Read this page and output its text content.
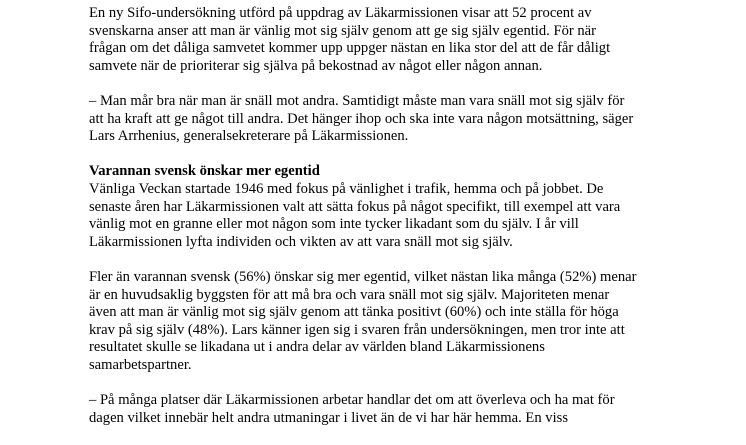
En ny Sifo-undersökning utförd på uppdrag av Läkarmissionen visar att 52 procent av
svenskarna anser att man är vänlig mot sig själv genom att ge sig själv egentid. För när
frågan om det dåliga samvetet kommer upp uppger nästan en lika stor del att de får dåligt
samvete när de prioriterar sig själva på bekostnad av något eller någon annan.
– Man mår bra när man är snäll mot andra. Samtidigt måste man vara snäll mot sig själv för
att ha kraft att ge något till andra. Det hänger ihop och ska inte vara någon motsättning, säger
Lars Arrhenius, generalsekreterare på Läkarmissionen.
Varannan svensk önskar mer egentid
Vänliga Veckan startade 1946 med fokus på vänlighet i trafik, hemma och på jobbet. De
senaste åren har Läkarmissionen valt att sätta fokus på något specifikt, till exempel att vara
vänlig mot en granne eller mot någon som inte tycker likadant som du själv. I år vill
Läkarmissionen lyfta individen och vikten av att vara snäll mot sig själv.
Fler än varannan svensk (56%) önskar sig mer egentid, vilket nästan lika många (52%) menar
är en huvudsaklig byggsten för att må bra och vara snäll mot sig själv. Majoriteten menar
även att man är vänlig mot sig själv genom att tänka positivt (60%) och inte ställa för höga
krav på sig själv (48%). Lars känner igen sig i svaren från undersökningen, men tror inte att
resultatet skulle se likadana ut i andra delar av världen bland Läkarmissionens
samarbetspartner.
– På många platser där Läkarmissionen arbetar handlar det om att överleva och ha mat för
dagen vilket innebär helt andra utmaningar i livet än de vi har här hemma. En viss
